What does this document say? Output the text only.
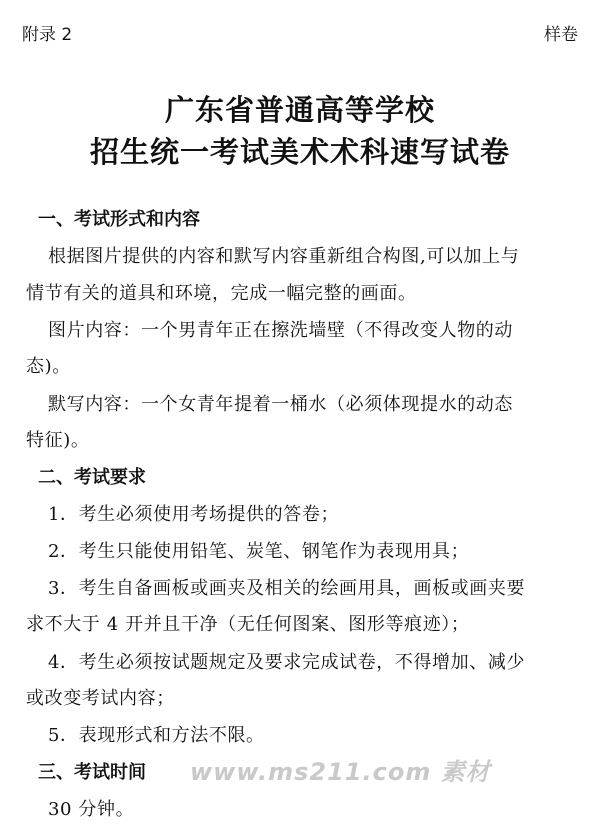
附录 2	样卷
广东省普通高等学校
招生统一考试美术术科速写试卷
一、考试形式和内容
根据图片提供的内容和默写内容重新组合构图,可以加上与
情节有关的道具和环境，完成一幅完整的画面。
图片内容：一个男青年正在擦洗墙壁（不得改变人物的动
态)。
默写内容：一个女青年提着一桶水（必须体现提水的动态
特征)。
二、考试要求
1．考生必须使用考场提供的答卷；
2．考生只能使用铅笔、炭笔、钢笔作为表现用具；
3．考生自备画板或画夹及相关的绘画用具，画板或画夹要
求不大于 4 开并且干净（无任何图案、图形等痕迹）；
4．考生必须按试题规定及要求完成试卷，不得增加、减少
或改变考试内容；
5．表现形式和方法不限。
三、考试时间
30 分钟。
www.ms211.com 素材
